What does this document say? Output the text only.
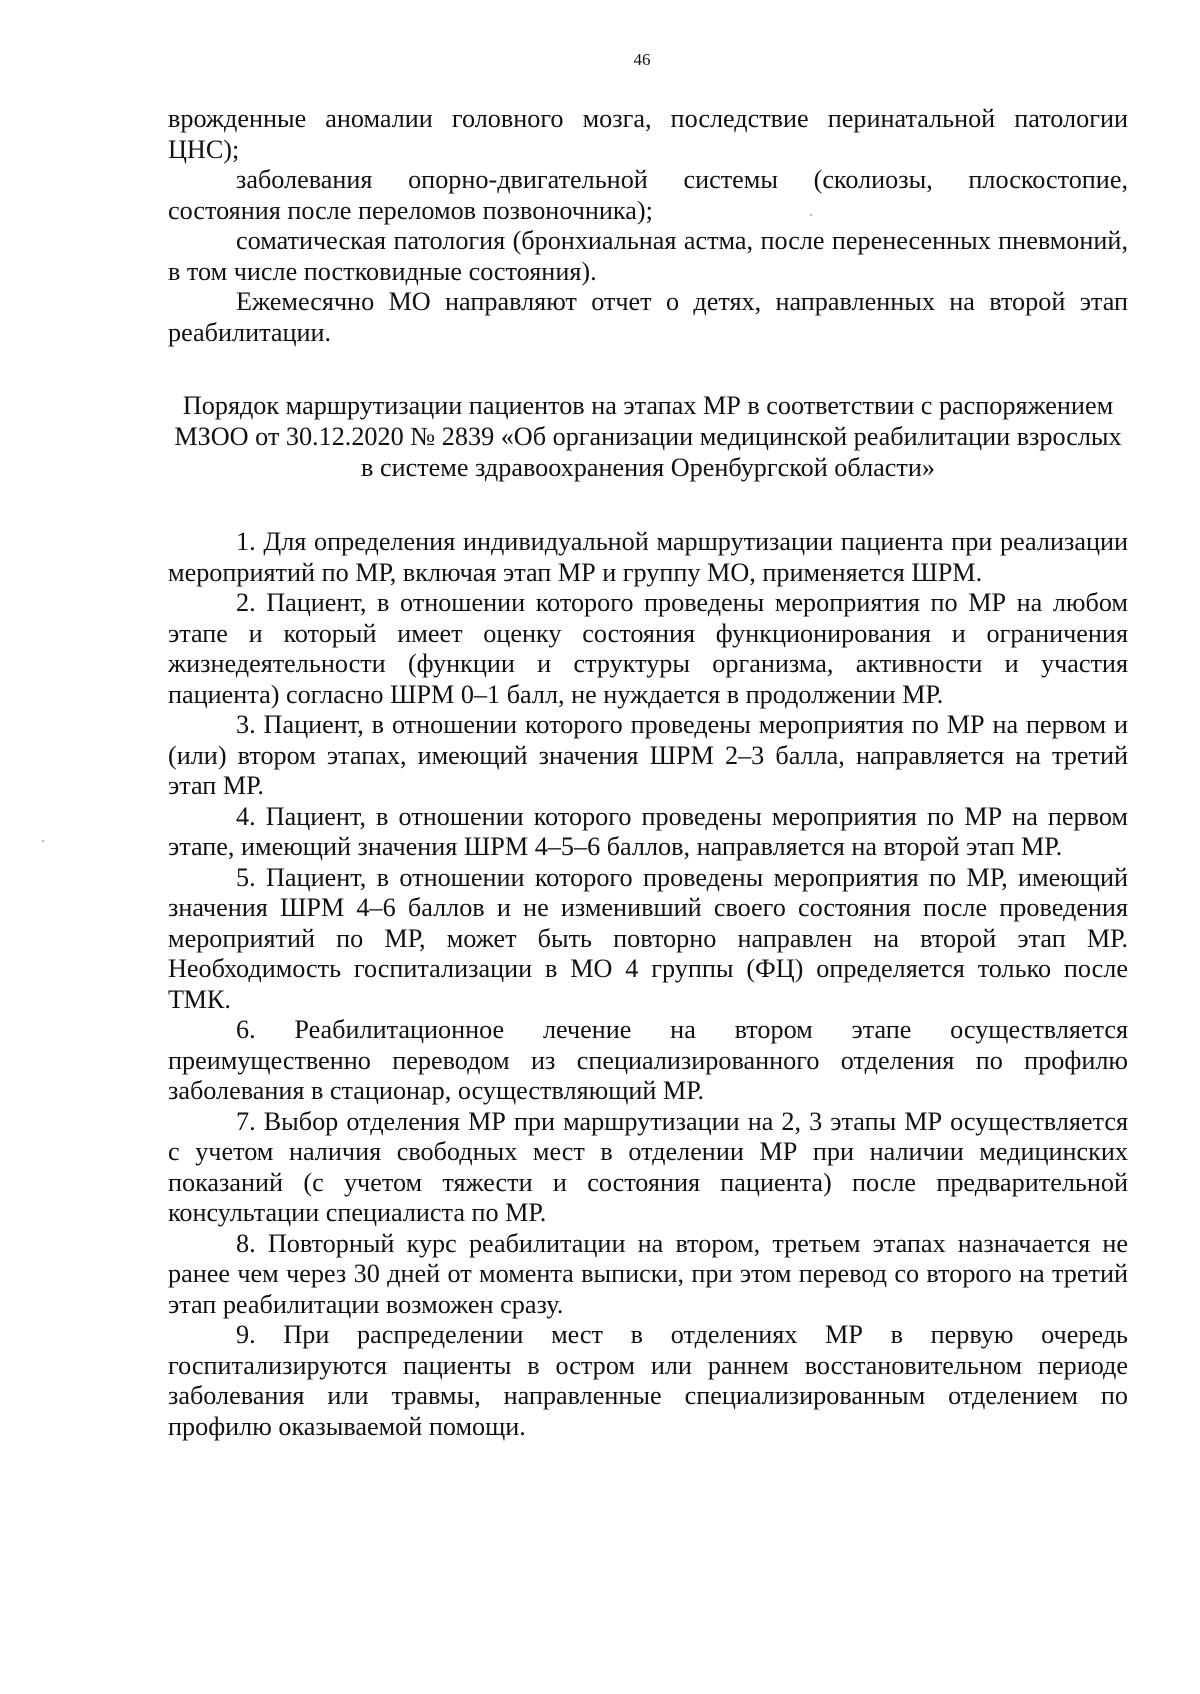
46

врожденные аномалии головного мозга, последствие перинатальной патологии ЦНС);

заболевания опорно-двигательной системы (сколиозы, плоскостопие, состояния после переломов позвоночника);

соматическая патология (бронхиальная астма, после перенесенных пневмоний, в том числе постковидные состояния).

Ежемесячно МО направляют отчет о детях, направленных на второй этап реабилитации.

Порядок маршрутизации пациентов на этапах МР в соответствии с распоряжением МЗОО от 30.12.2020 № 2839 «Об организации медицинской реабилитации взрослых в системе здравоохранения Оренбургской области»

1. Для определения индивидуальной маршрутизации пациента при реализации мероприятий по МР, включая этап МР и группу МО, применяется ШРМ.

2. Пациент, в отношении которого проведены мероприятия по МР на любом этапе и который имеет оценку состояния функционирования и ограничения жизнедеятельности (функции и структуры организма, активности и участия пациента) согласно ШРМ 0–1 балл, не нуждается в продолжении МР.

3. Пациент, в отношении которого проведены мероприятия по МР на первом и (или) втором этапах, имеющий значения ШРМ 2–3 балла, направляется на третий этап МР.

4. Пациент, в отношении которого проведены мероприятия по МР на первом этапе, имеющий значения ШРМ 4–5–6 баллов, направляется на второй этап МР.

5. Пациент, в отношении которого проведены мероприятия по МР, имеющий значения ШРМ 4–6 баллов и не изменивший своего состояния после проведения мероприятий по МР, может быть повторно направлен на второй этап МР. Необходимость госпитализации в МО 4 группы (ФЦ) определяется только после ТМК.

6. Реабилитационное лечение на втором этапе осуществляется преимущественно переводом из специализированного отделения по профилю заболевания в стационар, осуществляющий МР.

7. Выбор отделения МР при маршрутизации на 2, 3 этапы МР осуществляется с учетом наличия свободных мест в отделении МР при наличии медицинских показаний (с учетом тяжести и состояния пациента) после предварительной консультации специалиста по МР.

8. Повторный курс реабилитации на втором, третьем этапах назначается не ранее чем через 30 дней от момента выписки, при этом перевод со второго на третий этап реабилитации возможен сразу.

9. При распределении мест в отделениях МР в первую очередь госпитализируются пациенты в остром или раннем восстановительном периоде заболевания или травмы, направленные специализированным отделением по профилю оказываемой помощи.
